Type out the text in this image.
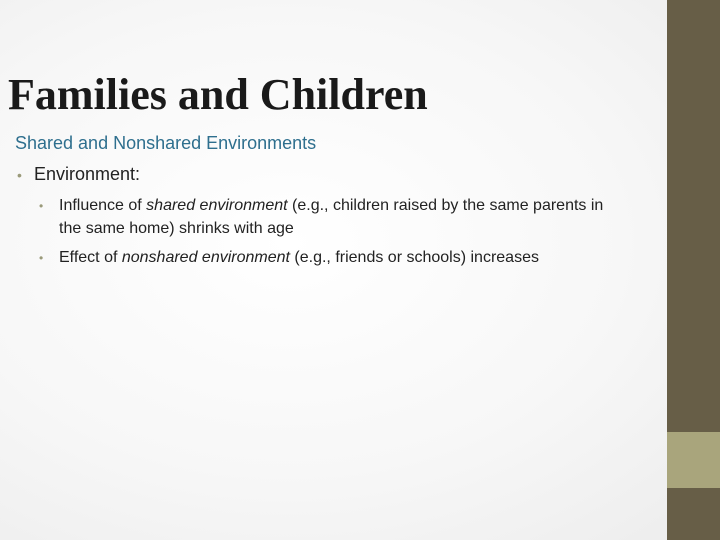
Families and Children
Shared and Nonshared Environments
• Environment:
• Influence of shared environment (e.g., children raised by the same parents in the same home) shrinks with age
• Effect of nonshared environment (e.g., friends or schools) increases
